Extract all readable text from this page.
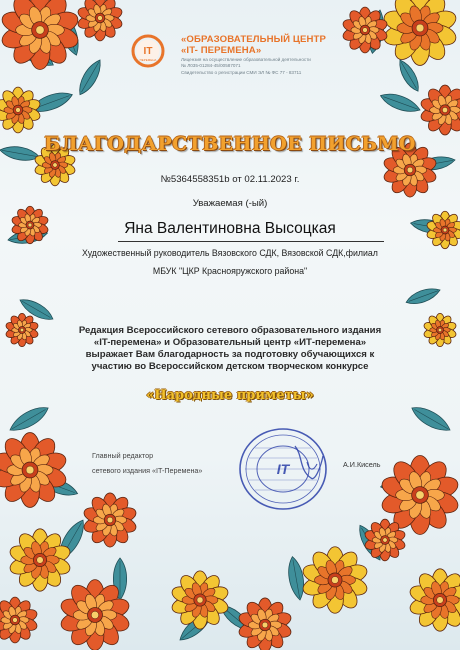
IT
ПЕРЕМЕНА
«ОБРАЗОВАТЕЛЬНЫЙ ЦЕНТР
«IT- ПЕРЕМЕНА»
Лицензия на осуществление образовательной деятельности
№ Л035-01284-45/00587071
Свидетельство о регистрации СМИ ЭЛ № ФС 77 - 83711
БЛАГОДАРСТВЕННОЕ ПИСЬМО
№5364558351b от 02.11.2023 г.
Уважаемая (-ый)
Яна Валентиновна Высоцкая
Художественный руководитель Вязовского СДК, Вязовской СДК,филиал
МБУК "ЦКР Краснояружского района"
Редакция Всероссийского сетевого образовательного издания
«IT-перемена» и Образовательный центр «ИТ-перемена»
выражает Вам благодарность за подготовку обучающихся к
участию во Всероссийском детском творческом конкурсе
«Народные приметы»
Главный редактор
сетевого издания «IT-Перемена»
А.И.Кисель
IT
